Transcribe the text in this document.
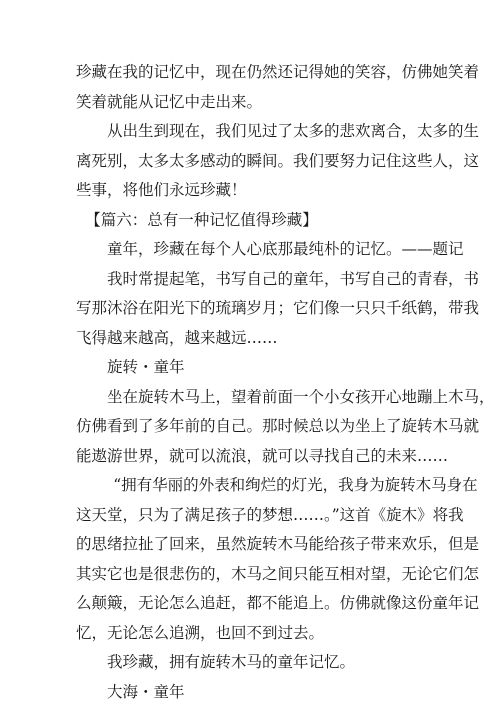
珍藏在我的记忆中，现在仍然还记得她的笑容，仿佛她笑着
笑着就能从记忆中走出来。
从出生到现在，我们见过了太多的悲欢离合，太多的生
离死别，太多太多感动的瞬间。我们要努力记住这些人，这
些事，将他们永远珍藏！
【篇六：总有一种记忆值得珍藏】
童年，珍藏在每个人心底那最纯朴的记忆。——题记
我时常提起笔，书写自己的童年，书写自己的青春，书
写那沐浴在阳光下的琉璃岁月；它们像一只只千纸鹤，带我
飞得越来越高，越来越远……
旋转・童年
坐在旋转木马上，望着前面一个小女孩开心地蹦上木马，
仿佛看到了多年前的自己。那时候总以为坐上了旋转木马就
能遨游世界，就可以流浪，就可以寻找自己的未来……
“拥有华丽的外表和绚烂的灯光，我身为旋转木马身在
这天堂，只为了满足孩子的梦想……。”这首《旋木》将我
的思绪拉扯了回来，虽然旋转木马能给孩子带来欢乐，但是
其实它也是很悲伤的，木马之间只能互相对望，无论它们怎
么颠簸，无论怎么追赶，都不能追上。仿佛就像这份童年记
忆，无论怎么追溯，也回不到过去。
我珍藏，拥有旋转木马的童年记忆。
大海・童年
